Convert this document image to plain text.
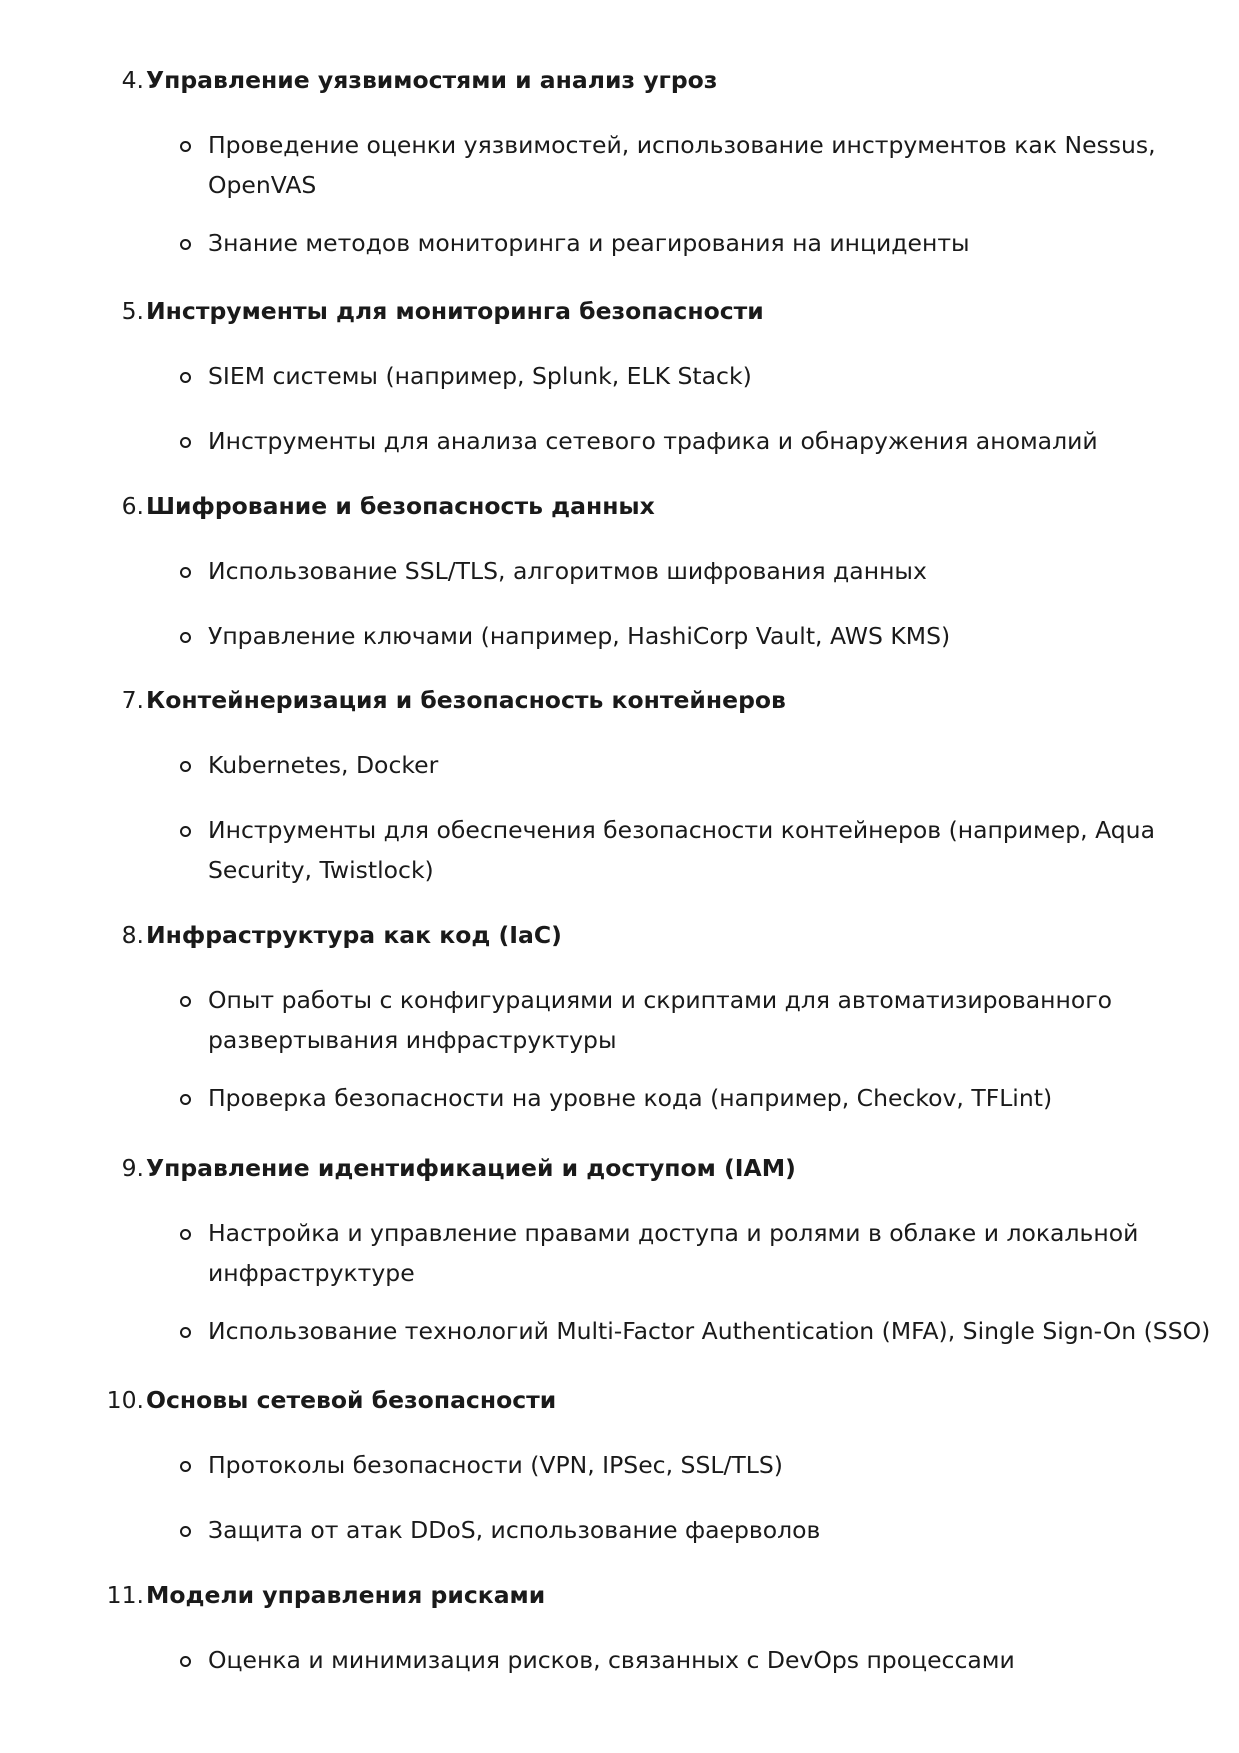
4. Управление уязвимостями и анализ угроз
Проведение оценки уязвимостей, использование инструментов как Nessus, OpenVAS
Знание методов мониторинга и реагирования на инциденты
5. Инструменты для мониторинга безопасности
SIEM системы (например, Splunk, ELK Stack)
Инструменты для анализа сетевого трафика и обнаружения аномалий
6. Шифрование и безопасность данных
Использование SSL/TLS, алгоритмов шифрования данных
Управление ключами (например, HashiCorp Vault, AWS KMS)
7. Контейнеризация и безопасность контейнеров
Kubernetes, Docker
Инструменты для обеспечения безопасности контейнеров (например, Aqua Security, Twistlock)
8. Инфраструктура как код (IaC)
Опыт работы с конфигурациями и скриптами для автоматизированного развертывания инфраструктуры
Проверка безопасности на уровне кода (например, Checkov, TFLint)
9. Управление идентификацией и доступом (IAM)
Настройка и управление правами доступа и ролями в облаке и локальной инфраструктуре
Использование технологий Multi-Factor Authentication (MFA), Single Sign-On (SSO)
10. Основы сетевой безопасности
Протоколы безопасности (VPN, IPSec, SSL/TLS)
Защита от атак DDoS, использование фаерволов
11. Модели управления рисками
Оценка и минимизация рисков, связанных с DevOps процессами
